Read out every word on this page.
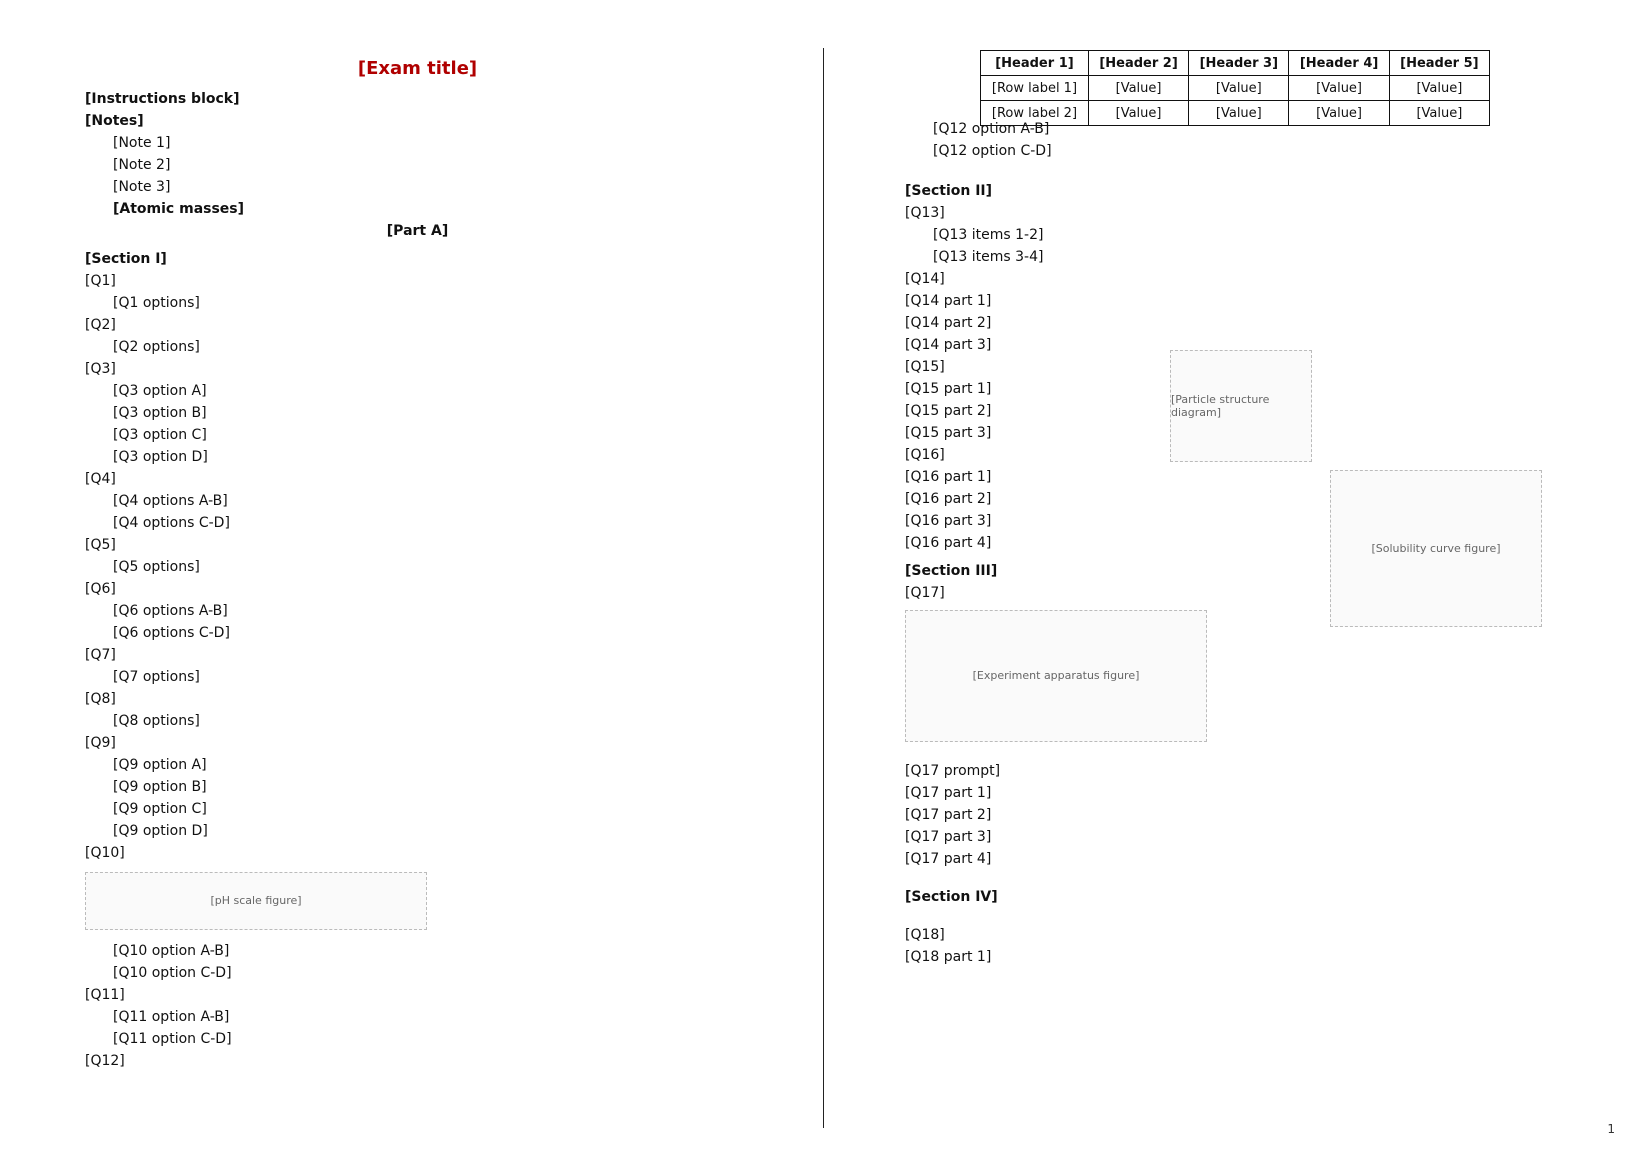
[Exam title]
[Instructions block]
[Notes]
[Note 1]
[Note 2]
[Note 3]
[Atomic masses]
[Part A]
[Section I]
[Q1]
[Q1 options]
[Q2]
[Q2 options]
[Q3]
[Q3 option A]
[Q3 option B]
[Q3 option C]
[Q3 option D]
[Q4]
[Q4 options A-B]
[Q4 options C-D]
[Q5]
[Q5 options]
[Q6]
[Q6 options A-B]
[Q6 options C-D]
[Q7]
[Q7 options]
[Q8]
[Q8 options]
[Q9]
[Q9 option A]
[Q9 option B]
[Q9 option C]
[Q9 option D]
[Q10]
[pH scale figure]
[Q10 option A-B]
[Q10 option C-D]
[Q11]
[Q11 option A-B]
[Q11 option C-D]
[Q12]
[Header 1]	[Header 2]	[Header 3]	[Header 4]	[Header 5]
[Row label 1]	[Value]	[Value]	[Value]	[Value]
[Row label 2]	[Value]	[Value]	[Value]	[Value]
[Q12 option A-B]
[Q12 option C-D]
[Section II]
[Q13]
[Q13 items 1-2]
[Q13 items 3-4]
[Q14]
[Q14 part 1]
[Q14 part 2]
[Q14 part 3]
[Q15]
[Q15 part 1]
[Q15 part 2]
[Q15 part 3]
[Q16]
[Q16 part 1]
[Q16 part 2]
[Q16 part 3]
[Q16 part 4]
[Section III]
[Q17]
[Experiment apparatus figure]
[Q17 prompt]
[Q17 part 1]
[Q17 part 2]
[Q17 part 3]
[Q17 part 4]
[Section IV]
[Q18]
[Q18 part 1]
[Particle structure diagram]
[Solubility curve figure]
1
